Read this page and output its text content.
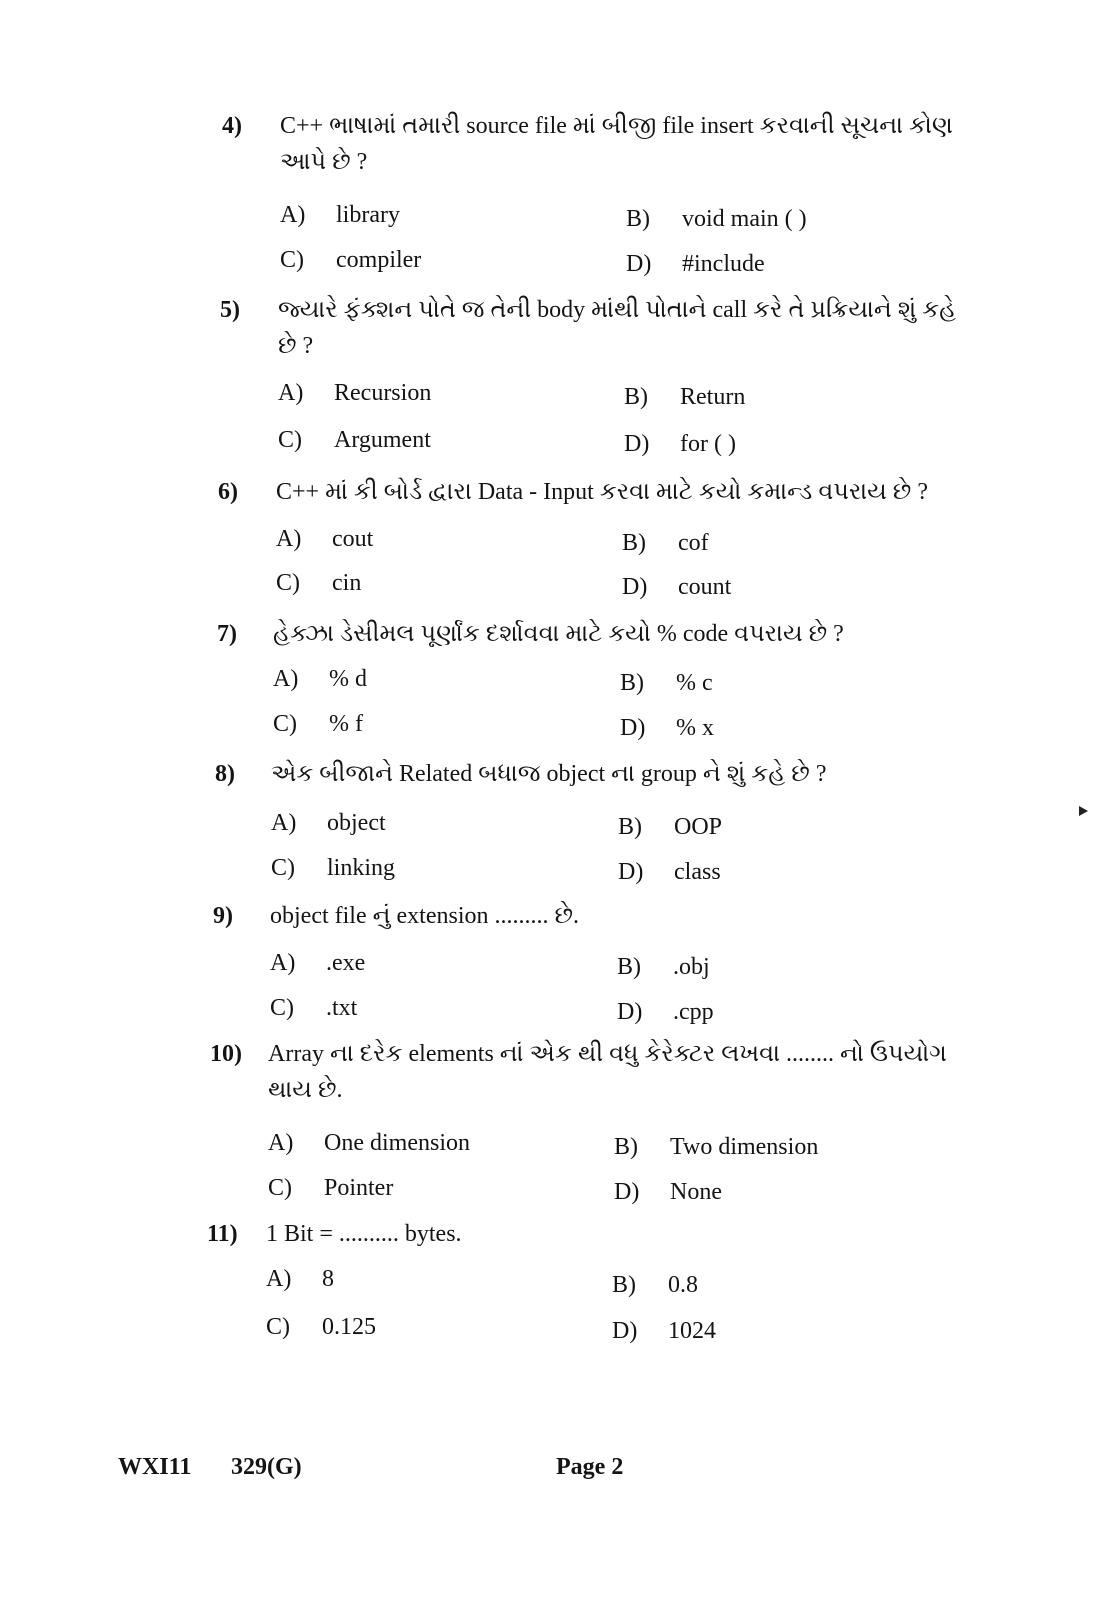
4) C++ ભાષામાં તમારી source file માં બીજી file insert કરવાની સૂચના કોણ આપે છે ?
A) library	B) void main ( )
C) compiler	D) #include
5) જ્યારે ફંક્શન પોતે જ તેની body માંથી પોતાને call કરે તે પ્રક્રિયાને શું કહે છે ?
A) Recursion	B) Return
C) Argument	D) for ( )
6) C++ માં કી બોર્ડ દ્વારા Data - Input કરવા માટે કયો કમાન્ડ વપરાય છે ?
A) cout	B) cof
C) cin	D) count
7) હેક્ઝા ડેસીમલ પૂર્ણાંક દર્શાવવા માટે કયો % code વપરાય છે ?
A) % d	B) % c
C) % f	D) % x
8) એક બીજાને Related બધાજ object ના group ને શું કહે છે ?
A) object	B) OOP
C) linking	D) class
9) object file નું extension ......... છે.
A) .exe	B) .obj
C) .txt	D) .cpp
10) Array ના દરેક elements નાં એક થી વધુ કેરેક્ટર લખવા ........ નો ઉપયોગ થાય છે.
A) One dimension	B) Two dimension
C) Pointer	D) None
11) 1 Bit = .......... bytes.
A) 8	B) 0.8
C) 0.125	D) 1024
WXI11 329(G)	Page 2
